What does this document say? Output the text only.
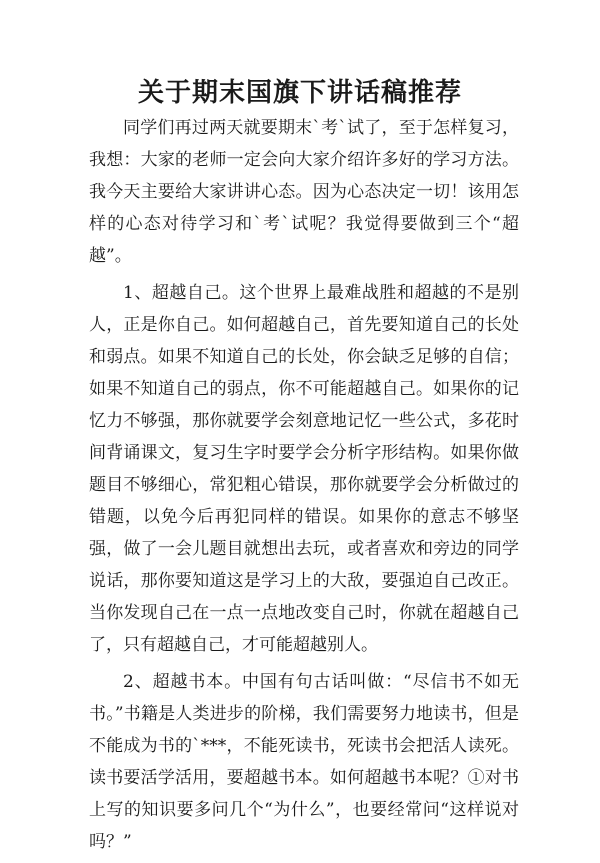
关于期末国旗下讲话稿推荐

同学们再过两天就要期末`考`试了，至于怎样复习，我想：大家的老师一定会向大家介绍许多好的学习方法。我今天主要给大家讲讲心态。因为心态决定一切！该用怎样的心态对待学习和`考`试呢？我觉得要做到三个“超越”。

1、超越自己。这个世界上最难战胜和超越的不是别人，正是你自己。如何超越自己，首先要知道自己的长处和弱点。如果不知道自己的长处，你会缺乏足够的自信；如果不知道自己的弱点，你不可能超越自己。如果你的记忆力不够强，那你就要学会刻意地记忆一些公式，多花时间背诵课文，复习生字时要学会分析字形结构。如果你做题目不够细心，常犯粗心错误，那你就要学会分析做过的错题，以免今后再犯同样的错误。如果你的意志不够坚强，做了一会儿题目就想出去玩，或者喜欢和旁边的同学说话，那你要知道这是学习上的大敌，要强迫自己改正。当你发现自己在一点一点地改变自己时，你就在超越自己了，只有超越自己，才可能超越别人。

2、超越书本。中国有句古话叫做：“尽信书不如无书。”书籍是人类进步的阶梯，我们需要努力地读书，但是不能成为书的`***，不能死读书，死读书会把活人读死。读书要活学活用，要超越书本。如何超越书本呢？①对书上写的知识要多问几个“为什么”，也要经常问“这样说对吗？”
